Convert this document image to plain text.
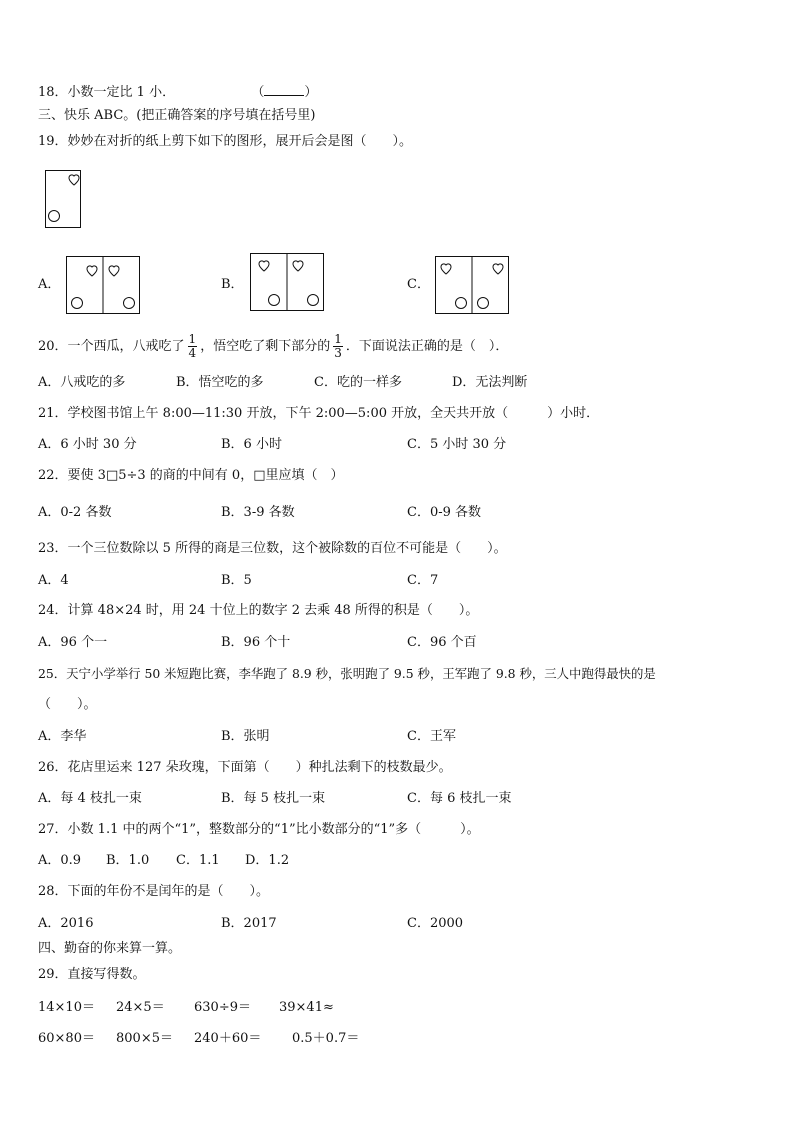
18．小数一定比 1 小．	（	）
三、快乐 ABC。(把正确答案的序号填在括号里)
19．妙妙在对折的纸上剪下如下的图形，展开后会是图（　　）。
A．	B．	C．
20．一个西瓜，八戒吃了 $\frac{1}{4}$ ，悟空吃了剩下部分的 $\frac{1}{3}$ ．下面说法正确的是（　）．
A．八戒吃的多	B．悟空吃的多	C．吃的一样多	D．无法判断
21．学校图书馆上午 8:00—11:30 开放，下午 2:00—5:00 开放，全天共开放（　　　）小时．
A．6 小时 30 分	B．6 小时	C．5 小时 30 分
22．要使 3□5÷3 的商的中间有 0，□里应填（　）
A．0-2 各数	B．3-9 各数	C．0-9 各数
23．一个三位数除以 5 所得的商是三位数，这个被除数的百位不可能是（　　）。
A．4	B．5	C．7
24．计算 48×24 时，用 24 十位上的数字 2 去乘 48 所得的积是（　　）。
A．96 个一	B．96 个十	C．96 个百
25．天宁小学举行 50 米短跑比赛，李华跑了 8.9 秒，张明跑了 9.5 秒，王军跑了 9.8 秒，三人中跑得最快的是
（　　）。
A．李华	B．张明	C．王军
26．花店里运来 127 朵玫瑰，下面第（　　）种扎法剩下的枝数最少。
A．每 4 枝扎一束	B．每 5 枝扎一束	C．每 6 枝扎一束
27．小数 1.1 中的两个“1”，整数部分的“1”比小数部分的“1”多（　　　）。
A．0.9 B．1.0 C．1.1 D．1.2
28．下面的年份不是闰年的是（　　）。
A．2016	B．2017	C．2000
四、勤奋的你来算一算。
29．直接写得数。
14×10＝ 24×5＝ 630÷9＝ 39×41≈
60×80＝ 800×5＝ 240＋60＝ 0.5＋0.7＝
